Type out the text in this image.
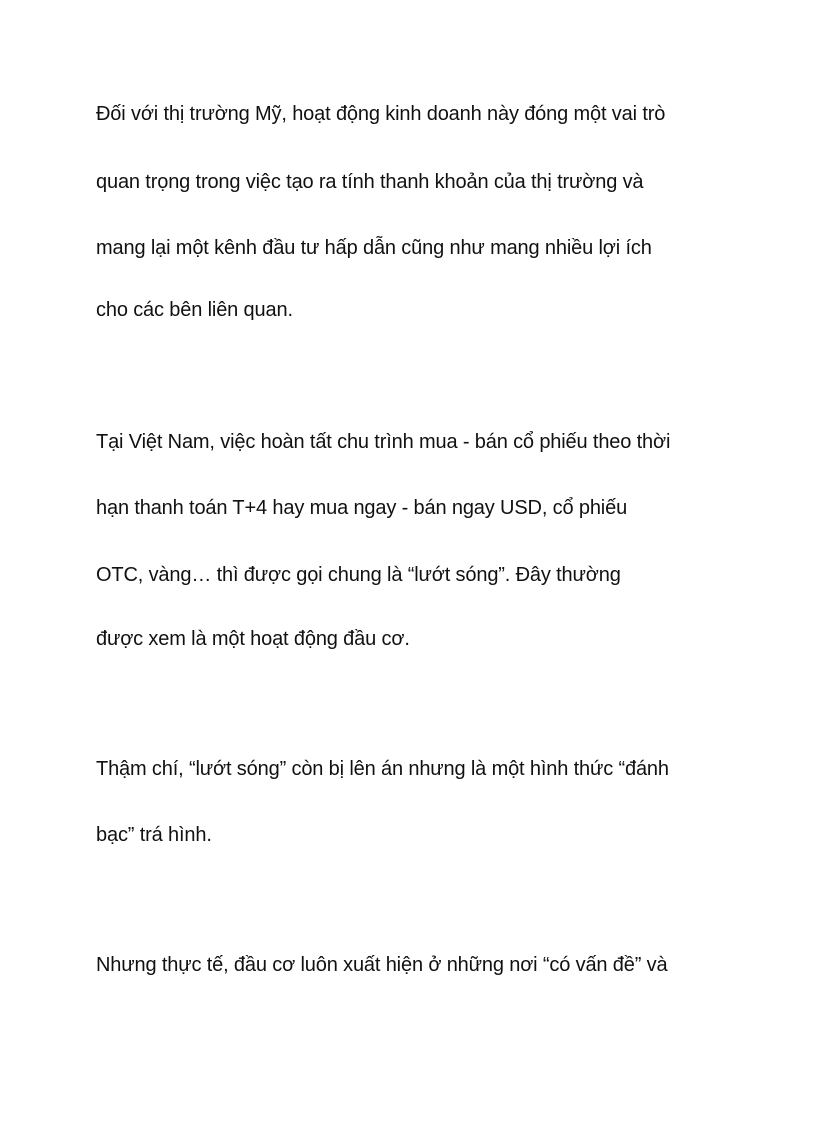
Đối với thị trường Mỹ, hoạt động kinh doanh này đóng một vai trò
quan trọng trong việc tạo ra tính thanh khoản của thị trường và
mang lại một kênh đầu tư hấp dẫn cũng như mang nhiều lợi ích
cho các bên liên quan.
Tại Việt Nam, việc hoàn tất chu trình mua - bán cổ phiếu theo thời
hạn thanh toán T+4 hay mua ngay - bán ngay USD, cổ phiếu
OTC, vàng… thì được gọi chung là “lướt sóng”. Đây thường
được xem là một hoạt động đầu cơ.
Thậm chí, “lướt sóng” còn bị lên án nhưng là một hình thức “đánh
bạc” trá hình.
Nhưng thực tế, đầu cơ luôn xuất hiện ở những nơi “có vấn đề” và
